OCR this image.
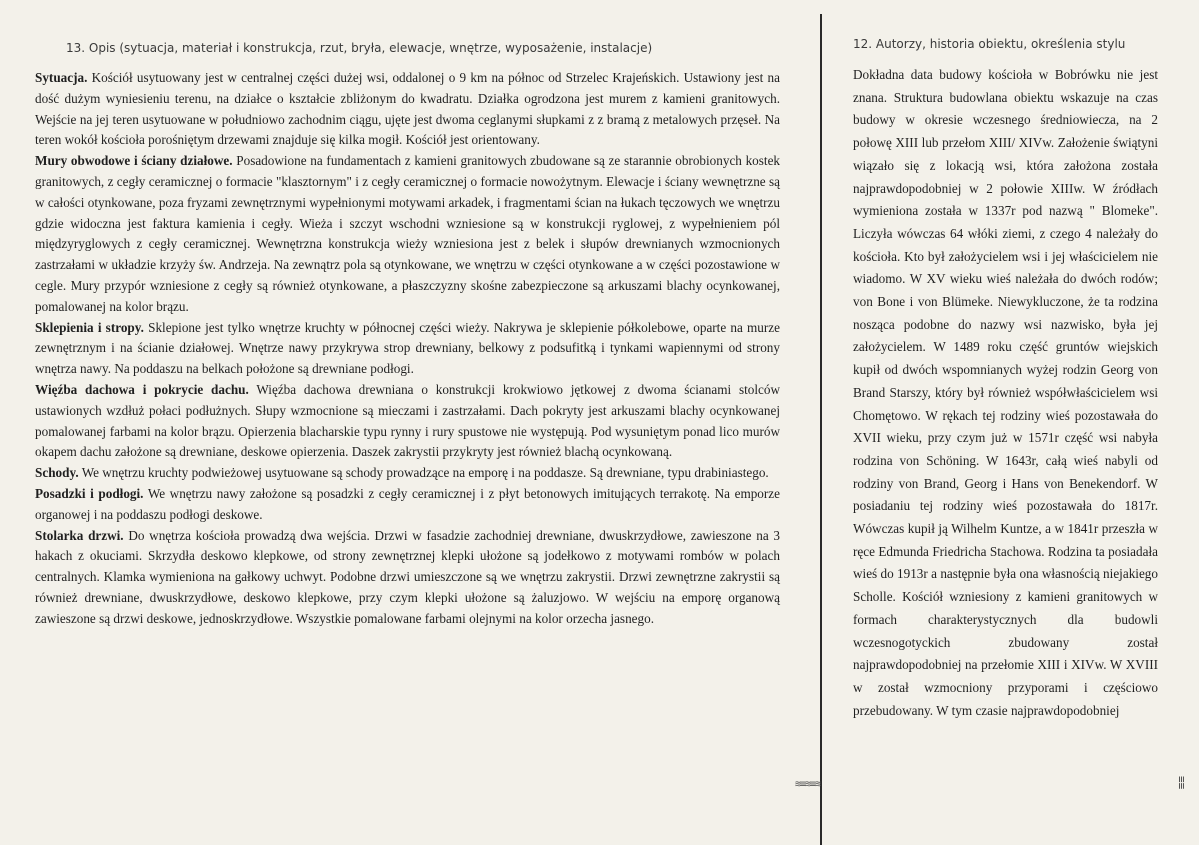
13. Opis (sytuacja, materiał i konstrukcja, rzut, bryła, elewacje, wnętrze, wyposażenie, instalacje)	12. Autorzy, historia obiektu, określenia stylu

Sytuacja. Kościół usytuowany jest w centralnej części dużej wsi, oddalonej o 9 km na północ od Strzelec Krajeńskich. Ustawiony jest na dość dużym wyniesieniu terenu, na działce o kształcie zbliżonym do kwadratu. Działka ogrodzona jest murem z kamieni granitowych. Wejście na jej teren usytuowane w południowo zachodnim ciągu, ujęte jest dwoma ceglanymi słupkami z z bramą z metalowych przęseł. Na teren wokół kościoła porośniętym drzewami znajduje się kilka mogił. Kościół jest orientowany.

Mury obwodowe i ściany działowe. Posadowione na fundamentach z kamieni granitowych zbudowane są ze starannie obrobionych kostek granitowych, z cegły ceramicznej o formacie "klasztornym" i z cegły ceramicznej o formacie nowożytnym. Elewacje i ściany wewnętrzne są w całości otynkowane, poza fryzami zewnętrznymi wypełnionymi motywami arkadek, i fragmentami ścian na łukach tęczowych we wnętrzu gdzie widoczna jest faktura kamienia i cegły. Wieża i szczyt wschodni wzniesione są w konstrukcji ryglowej, z wypełnieniem pól międzyryglowych z cegły ceramicznej. Wewnętrzna konstrukcja wieży wzniesiona jest z belek i słupów drewnianych wzmocnionych zastrzałami w układzie krzyży św. Andrzeja. Na zewnątrz pola są otynkowane, we wnętrzu w części otynkowane a w części pozostawione w cegle. Mury przypór wzniesione z cegły są również otynkowane, a płaszczyzny skośne zabezpieczone są arkuszami blachy ocynkowanej, pomalowanej na kolor brązu.

Sklepienia i stropy. Sklepione jest tylko wnętrze kruchty w północnej części wieży. Nakrywa je sklepienie półkolebowe, oparte na murze zewnętrznym i na ścianie działowej. Wnętrze nawy przykrywa strop drewniany, belkowy z podsufitką i tynkami wapiennymi od strony wnętrza nawy. Na poddaszu na belkach położone są drewniane podłogi.

Więźba dachowa i pokrycie dachu. Więźba dachowa drewniana o konstrukcji krokwiowo jętkowej z dwoma ścianami stolców ustawionych wzdłuż połaci podłużnych. Słupy wzmocnione są mieczami i zastrzałami. Dach pokryty jest arkuszami blachy ocynkowanej pomalowanej farbami na kolor brązu. Opierzenia blacharskie typu rynny i rury spustowe nie występują. Pod wysuniętym ponad lico murów okapem dachu założone są drewniane, deskowe opierzenia. Daszek zakrystii przykryty jest również blachą ocynkowaną.

Schody. We wnętrzu kruchty podwieżowej usytuowane są schody prowadzące na emporę i na poddasze. Są drewniane, typu drabiniastego.

Posadzki i podłogi. We wnętrzu nawy założone są posadzki z cegły ceramicznej i z płyt betonowych imitujących terrakotę. Na emporze organowej i na poddaszu podłogi deskowe.

Stolarka drzwi. Do wnętrza kościoła prowadzą dwa wejścia. Drzwi w fasadzie zachodniej drewniane, dwuskrzydłowe, zawieszone na 3 hakach z okuciami. Skrzydła deskowo klepkowe, od strony zewnętrznej klepki ułożone są jodełkowo z motywami rombów w polach centralnych. Klamka wymieniona na gałkowy uchwyt. Podobne drzwi umieszczone są we wnętrzu zakrystii. Drzwi zewnętrzne zakrystii są również drewniane, dwuskrzydłowe, deskowo klepkowe, przy czym klepki ułożone są żaluzjowo. W wejściu na emporę organową zawieszone są drzwi deskowe, jednoskrzydłowe. Wszystkie pomalowane farbami olejnymi na kolor orzecha jasnego.

Dokładna data budowy kościoła w Bobrówku nie jest znana. Struktura budowlana obiektu wskazuje na czas budowy w okresie wczesnego średniowiecza, na 2 połowę XIII lub przełom XIII/ XIVw. Założenie świątyni wiązało się z lokacją wsi, która założona została najprawdopodobniej w 2 połowie XIIIw. W źródłach wymieniona została w 1337r pod nazwą " Blomeke". Liczyła wówczas 64 włóki ziemi, z czego 4 należały do kościoła. Kto był założycielem wsi i jej właścicielem nie wiadomo. W XV wieku wieś należała do dwóch rodów; von Bone i von Blümeke. Niewykluczone, że ta rodzina nosząca podobne do nazwy wsi nazwisko, była jej założycielem. W 1489 roku część gruntów wiejskich kupił od dwóch wspomnianych wyżej rodzin Georg von Brand Starszy, który był również współwłaścicielem wsi Chomętowo. W rękach tej rodziny wieś pozostawała do XVII wieku, przy czym już w 1571r część wsi nabyła rodzina von Schöning. W 1643r, całą wieś nabyli od rodziny von Brand, Georg i Hans von Benekendorf. W posiadaniu tej rodziny wieś pozostawała do 1817r. Wówczas kupił ją Wilhelm Kuntze, a w 1841r przeszła w ręce Edmunda Friedricha Stachowa. Rodzina ta posiadała wieś do 1913r a następnie była ona własnością niejakiego Scholle. Kościół wzniesiony z kamieni granitowych w formach charakterystycznych dla budowli wczesnogotyckich zbudowany został najprawdopodobniej na przełomie XIII i XIVw. W XVIII w został wzmocniony przyporami i częściowo przebudowany. W tym czasie najprawdopodobniej

≋≡≋≡≋	≡≡
